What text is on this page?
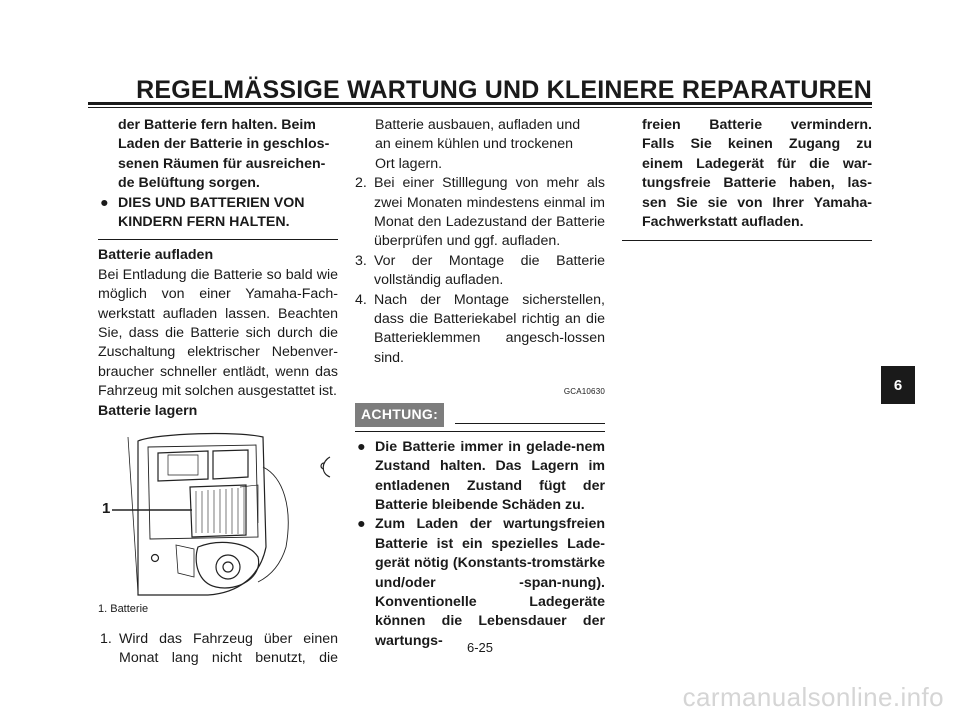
REGELMÄSSIGE WARTUNG UND KLEINERE REPARATUREN
der Batterie fern halten. Beim
Laden der Batterie in geschlos-
senen Räumen für ausreichen-
de Belüftung sorgen.
● DIES UND BATTERIEN VON
KINDERN FERN HALTEN.
Batterie aufladen
Bei Entladung die Batterie so bald wie möglich von einer Yamaha-Fach-werkstatt aufladen lassen. Beachten Sie, dass die Batterie sich durch die Zuschaltung elektrischer Nebenver-braucher schneller entlädt, wenn das Fahrzeug mit solchen ausgestattet ist.
Batterie lagern
1
1. Batterie
1. Wird das Fahrzeug über einen
Monat lang nicht benutzt, die
Batterie ausbauen, aufladen und
an einem kühlen und trockenen
Ort lagern.
2. Bei einer Stilllegung von mehr als zwei Monaten mindestens einmal im Monat den Ladezustand der Batterie überprüfen und ggf. aufladen.
3. Vor der Montage die Batterie vollständig aufladen.
4. Nach der Montage sicherstellen, dass die Batteriekabel richtig an die Batterieklemmen angesch-lossen sind.
GCA10630
ACHTUNG:
● Die Batterie immer in gelade-nem Zustand halten. Das Lagern im entladenen Zustand fügt der Batterie bleibende Schäden zu.
● Zum Laden der wartungsfreien Batterie ist ein spezielles Lade-gerät nötig (Konstants-tromstärke und/oder -span-nung). Konventionelle Ladegeräte können die Lebensdauer der wartungs-
freien Batterie vermindern.
Falls Sie keinen Zugang zu
einem Ladegerät für die war-
tungsfreie Batterie haben, las-
sen Sie sie von Ihrer Yamaha-
Fachwerkstatt aufladen.
6
6-25
carmanualsonline.info
